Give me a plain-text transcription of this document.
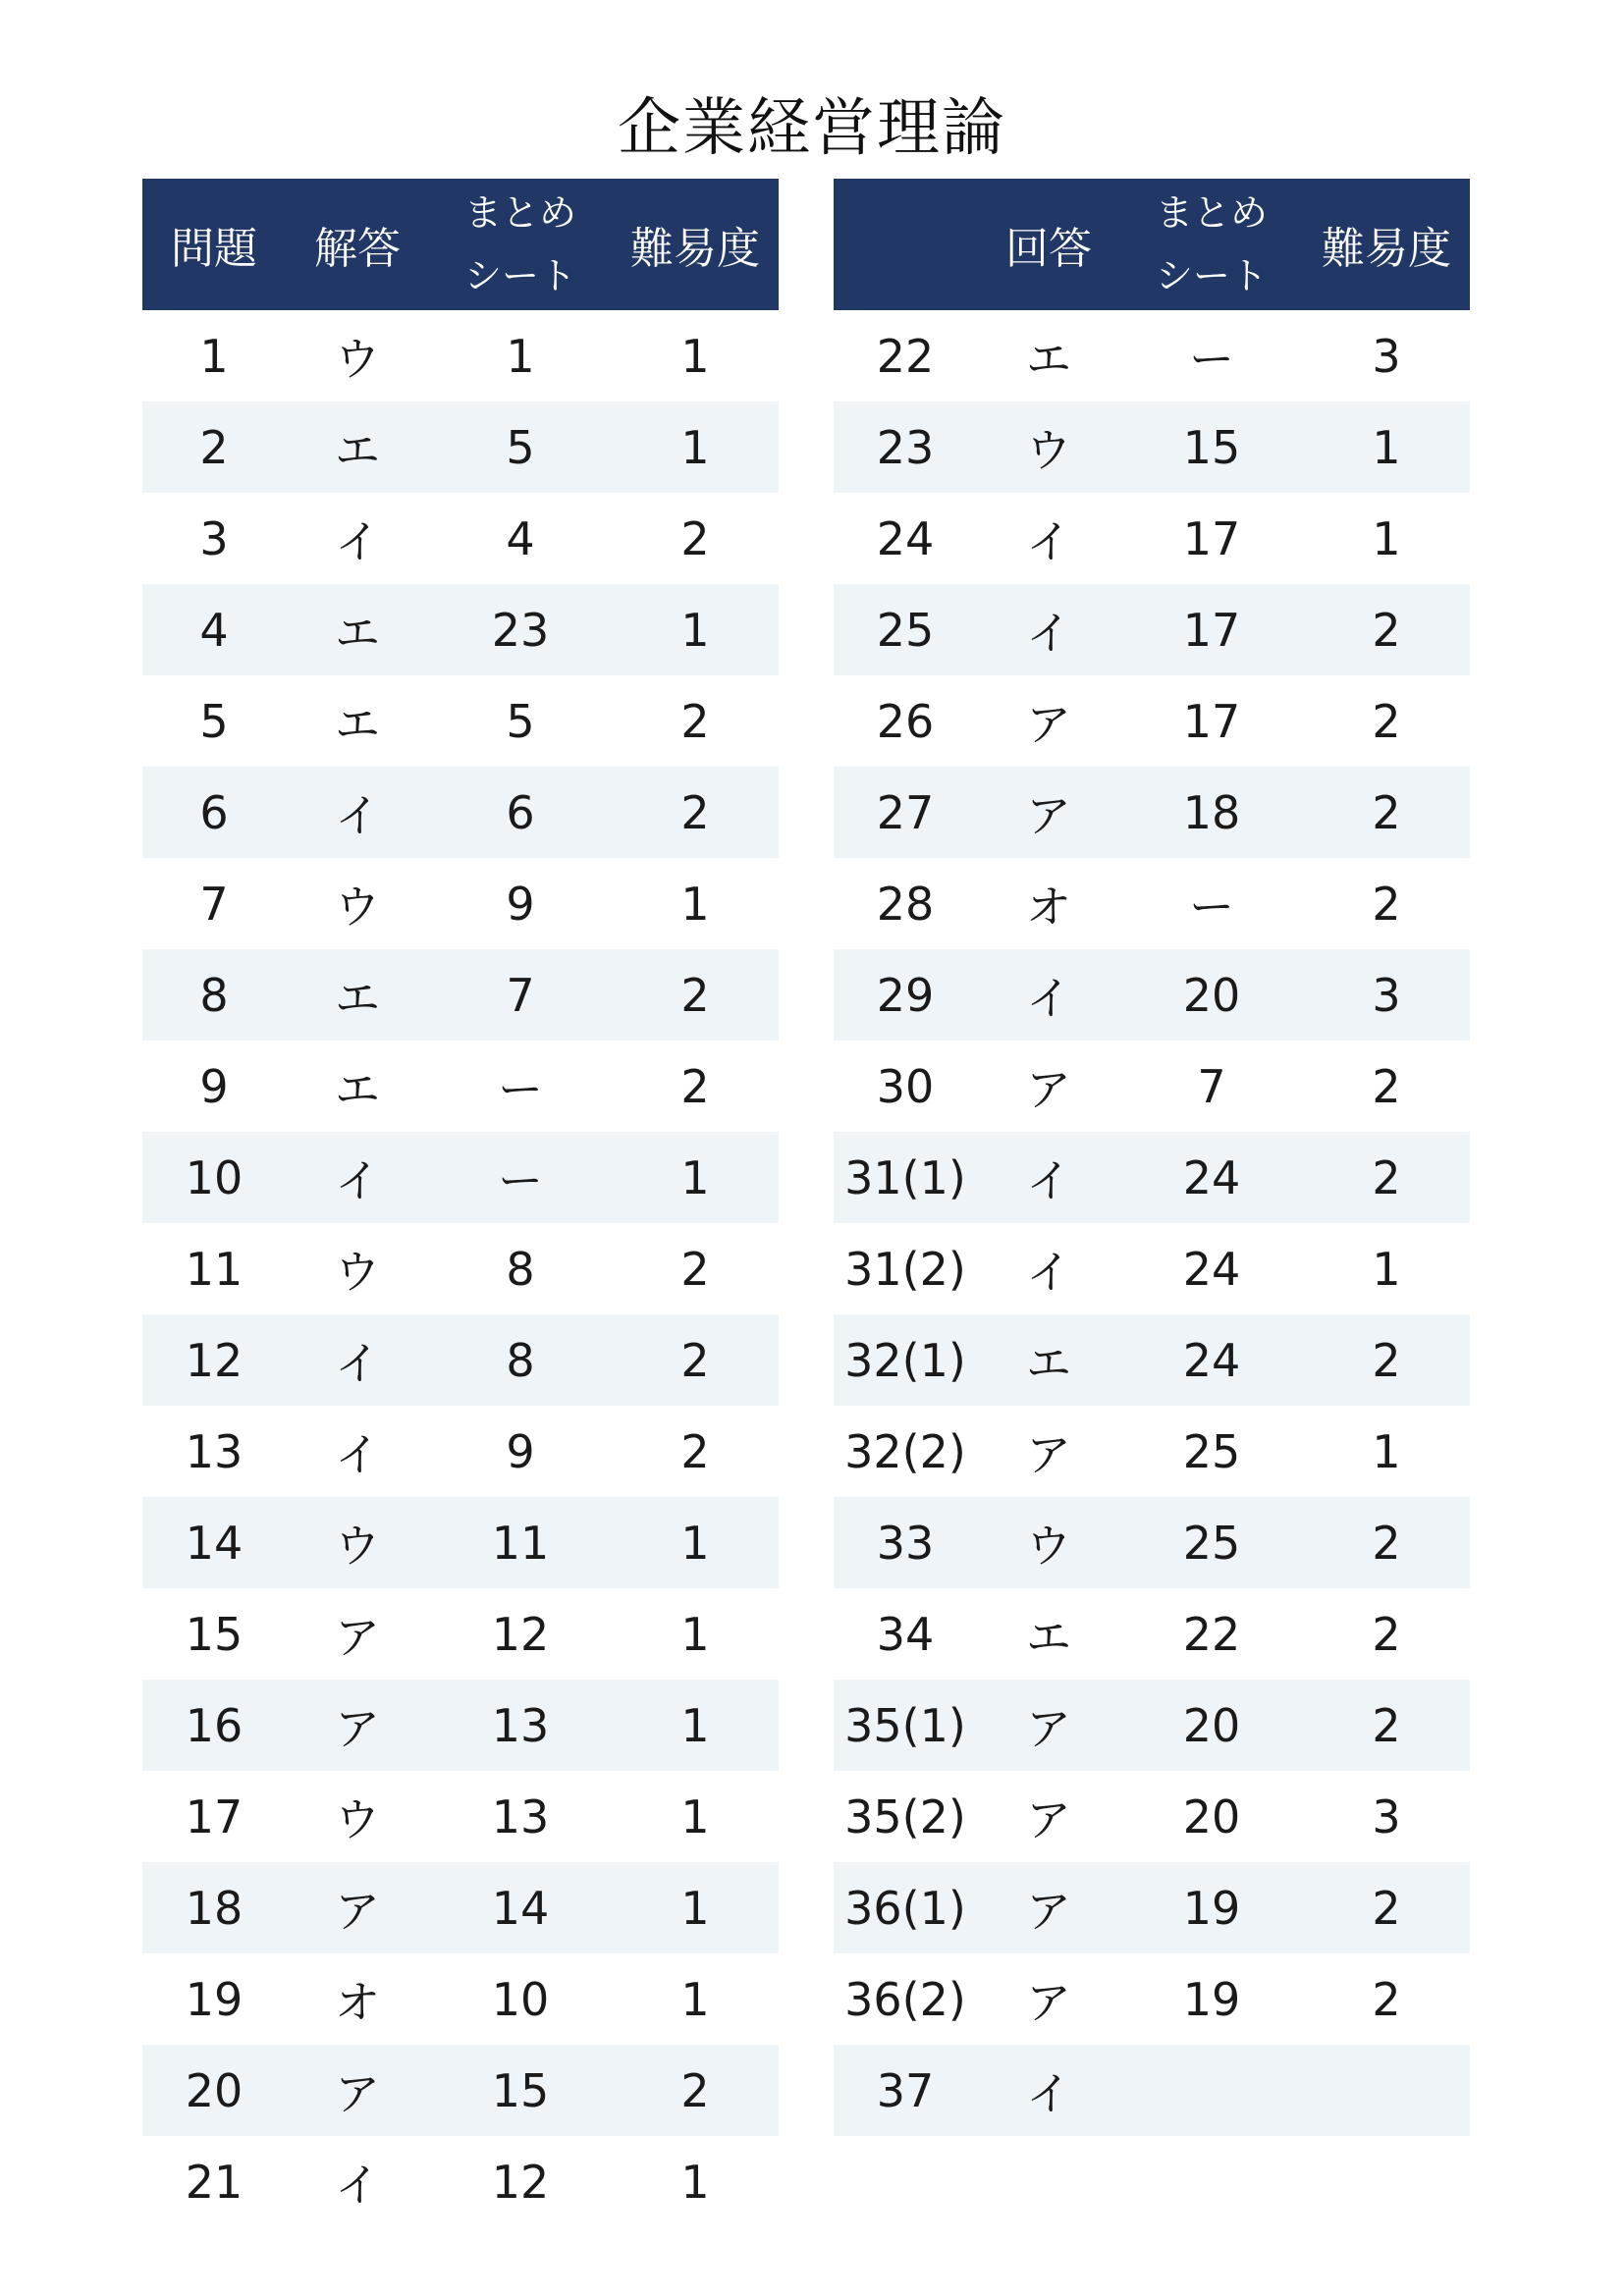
企業経営理論
問題	解答	まとめ
シート	難易度
1	ウ	1	1
2	エ	5	1
3	イ	4	2
4	エ	23	1
5	エ	5	2
6	イ	6	2
7	ウ	9	1
8	エ	7	2
9	エ	ー	2
10	イ	ー	1
11	ウ	8	2
12	イ	8	2
13	イ	9	2
14	ウ	11	1
15	ア	12	1
16	ア	13	1
17	ウ	13	1
18	ア	14	1
19	オ	10	1
20	ア	15	2
21	イ	12	1
	回答	まとめ
シート	難易度
22	エ	ー	3
23	ウ	15	1
24	イ	17	1
25	イ	17	2
26	ア	17	2
27	ア	18	2
28	オ	ー	2
29	イ	20	3
30	ア	7	2
31(1)	イ	24	2
31(2)	イ	24	1
32(1)	エ	24	2
32(2)	ア	25	1
33	ウ	25	2
34	エ	22	2
35(1)	ア	20	2
35(2)	ア	20	3
36(1)	ア	19	2
36(2)	ア	19	2
37	イ		
